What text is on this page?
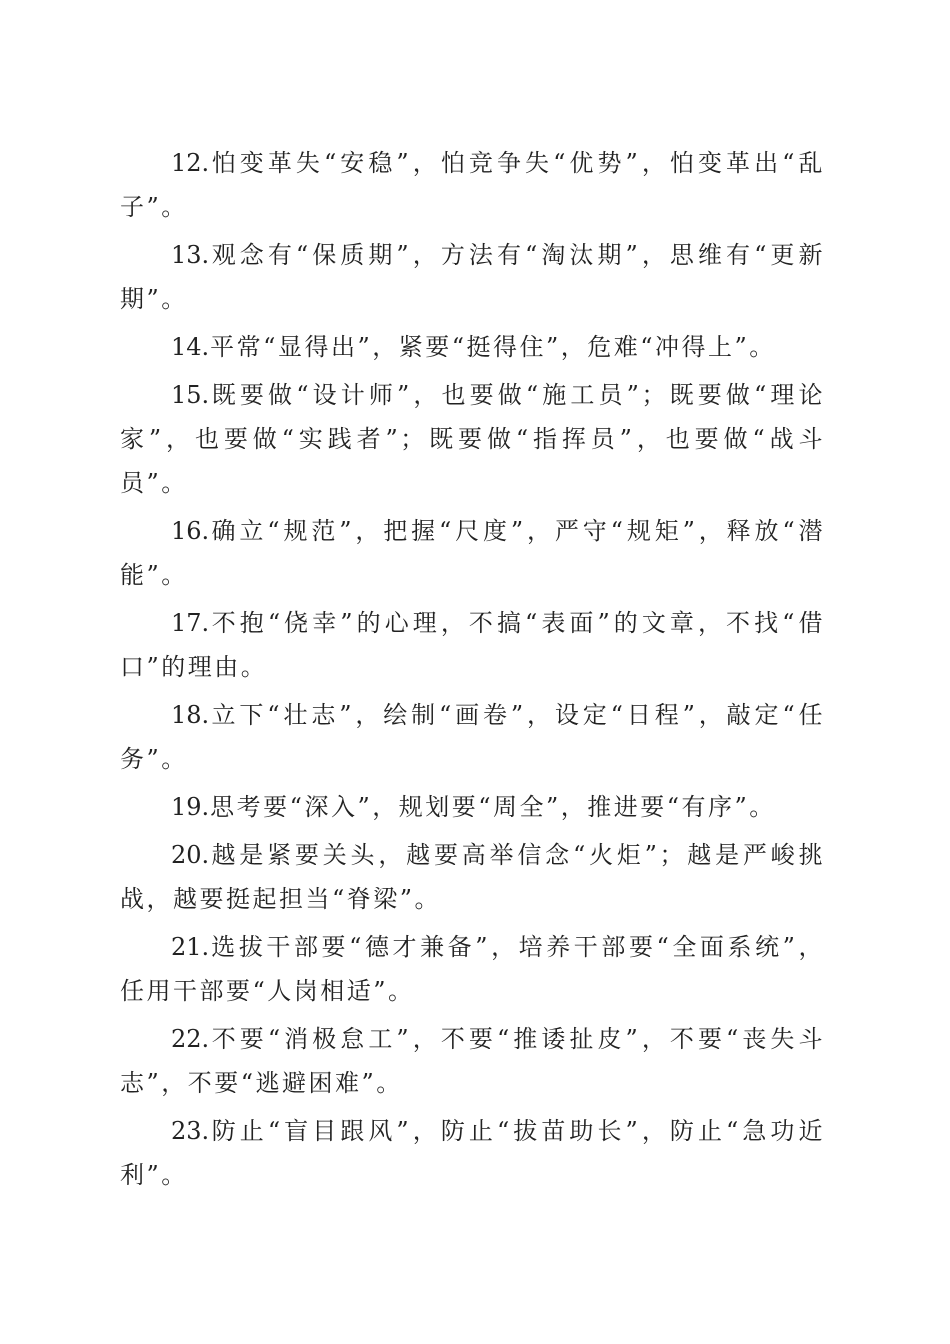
12.怕变革失“安稳”，怕竞争失“优势”，怕变革出“乱子”。

13.观念有“保质期”，方法有“淘汰期”，思维有“更新期”。

14.平常“显得出”，紧要“挺得住”，危难“冲得上”。

15.既要做“设计师”，也要做“施工员”；既要做“理论家”，也要做“实践者”；既要做“指挥员”，也要做“战斗员”。

16.确立“规范”，把握“尺度”，严守“规矩”，释放“潜能”。

17.不抱“侥幸”的心理，不搞“表面”的文章，不找“借口”的理由。

18.立下“壮志”，绘制“画卷”，设定“日程”，敲定“任务”。

19.思考要“深入”，规划要“周全”，推进要“有序”。

20.越是紧要关头，越要高举信念“火炬”；越是严峻挑战，越要挺起担当“脊梁”。

21.选拔干部要“德才兼备”，培养干部要“全面系统”，任用干部要“人岗相适”。

22.不要“消极怠工”，不要“推诿扯皮”，不要“丧失斗志”，不要“逃避困难”。

23.防止“盲目跟风”，防止“拔苗助长”，防止“急功近利”。
